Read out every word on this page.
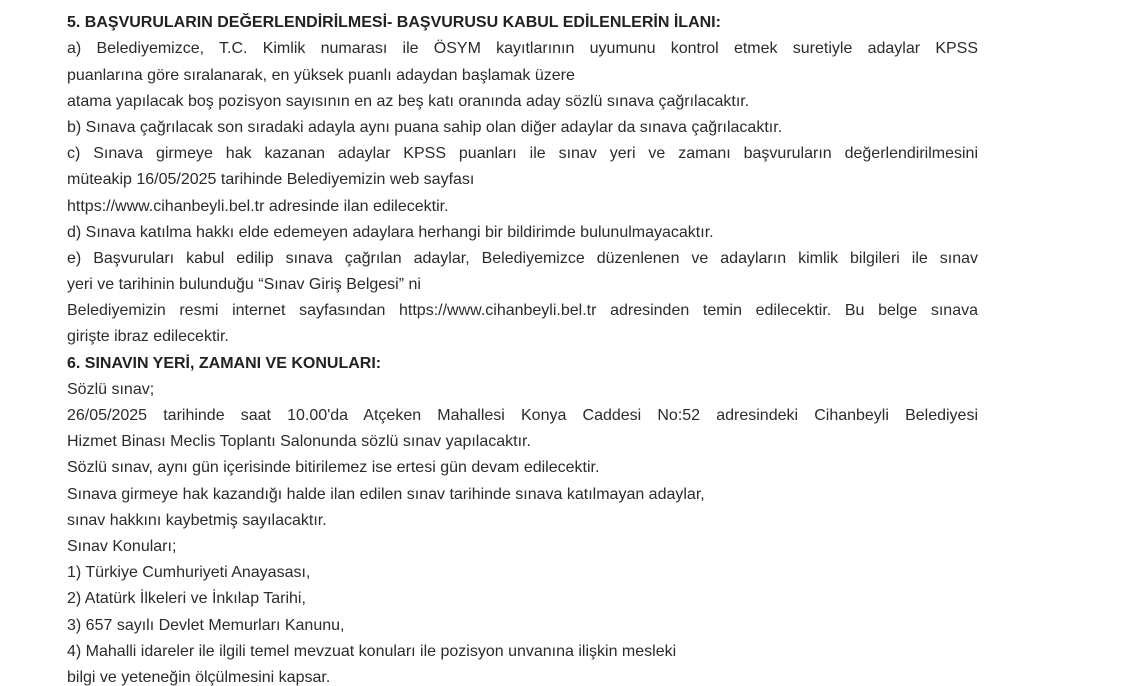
5. BAŞVURULARIN DEĞERLENDİRİLMESİ- BAŞVURUSU KABUL EDİLENLERİN İLANI:
a) Belediyemizce, T.C. Kimlik numarası ile ÖSYM kayıtlarının uyumunu kontrol etmek suretiyle adaylar KPSS
puanlarına göre sıralanarak, en yüksek puanlı adaydan başlamak üzere
atama yapılacak boş pozisyon sayısının en az beş katı oranında aday sözlü sınava çağrılacaktır.
b) Sınava çağrılacak son sıradaki adayla aynı puana sahip olan diğer adaylar da sınava çağrılacaktır.
c) Sınava girmeye hak kazanan adaylar KPSS puanları ile sınav yeri ve zamanı başvuruların değerlendirilmesini
müteakip 16/05/2025 tarihinde Belediyemizin web sayfası
https://www.cihanbeyli.bel.tr adresinde ilan edilecektir.
d) Sınava katılma hakkı elde edemeyen adaylara herhangi bir bildirimde bulunulmayacaktır.
e) Başvuruları kabul edilip sınava çağrılan adaylar, Belediyemizce düzenlenen ve adayların kimlik bilgileri ile sınav
yeri ve tarihinin bulunduğu “Sınav Giriş Belgesi” ni
Belediyemizin resmi internet sayfasından https://www.cihanbeyli.bel.tr adresinden temin edilecektir. Bu belge sınava
girişte ibraz edilecektir.
6. SINAVIN YERİ, ZAMANI VE KONULARI:
Sözlü sınav;
26/05/2025 tarihinde saat 10.00'da Atçeken Mahallesi Konya Caddesi No:52 adresindeki Cihanbeyli Belediyesi
Hizmet Binası Meclis Toplantı Salonunda sözlü sınav yapılacaktır.
Sözlü sınav, aynı gün içerisinde bitirilemez ise ertesi gün devam edilecektir.
Sınava girmeye hak kazandığı halde ilan edilen sınav tarihinde sınava katılmayan adaylar,
sınav hakkını kaybetmiş sayılacaktır.
Sınav Konuları;
1) Türkiye Cumhuriyeti Anayasası,
2) Atatürk İlkeleri ve İnkılap Tarihi,
3) 657 sayılı Devlet Memurları Kanunu,
4) Mahalli idareler ile ilgili temel mevzuat konuları ile pozisyon unvanına ilişkin mesleki
bilgi ve yeteneğin ölçülmesini kapsar.
